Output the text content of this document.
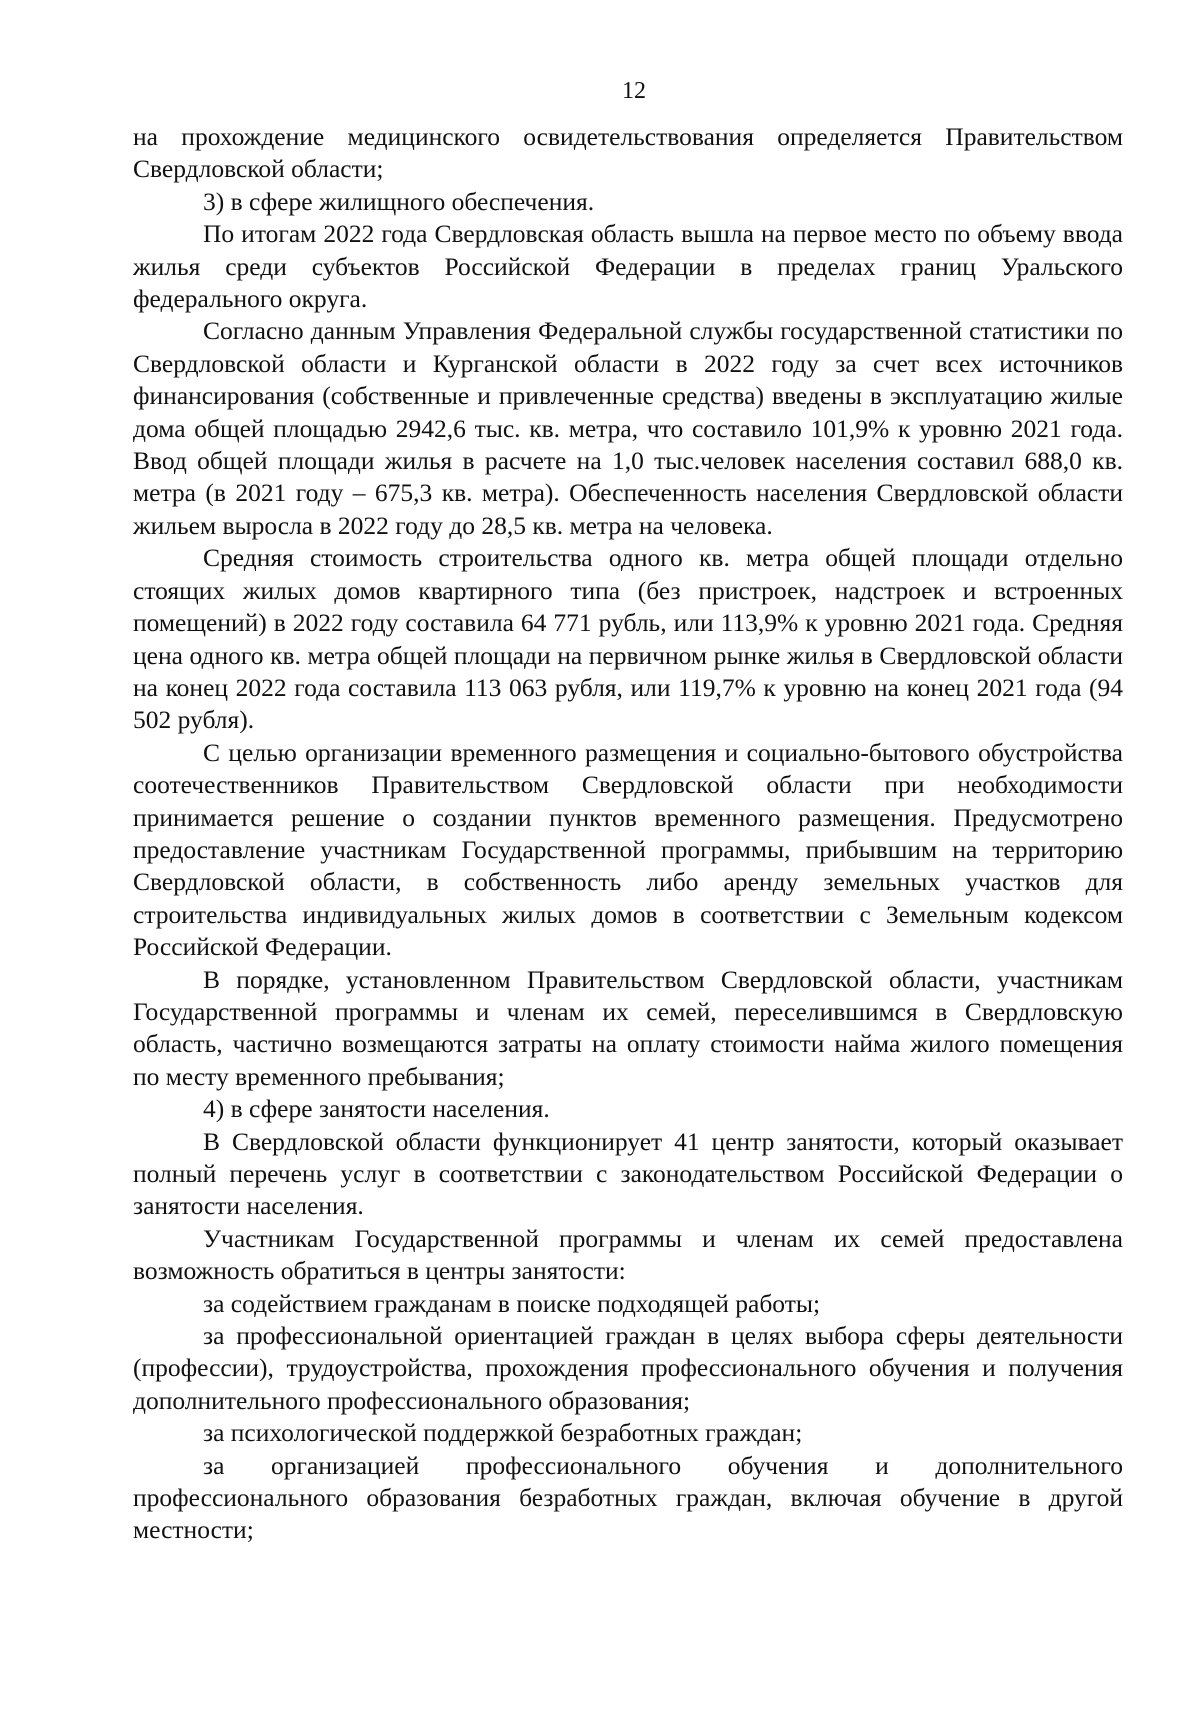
12

на прохождение медицинского освидетельствования определяется Правительством Свердловской области;

3) в сфере жилищного обеспечения.

По итогам 2022 года Свердловская область вышла на первое место по объему ввода жилья среди субъектов Российской Федерации в пределах границ Уральского федерального округа.

Согласно данным Управления Федеральной службы государственной статистики по Свердловской области и Курганской области в 2022 году за счет всех источников финансирования (собственные и привлеченные средства) введены в эксплуатацию жилые дома общей площадью 2942,6 тыс. кв. метра, что составило 101,9% к уровню 2021 года. Ввод общей площади жилья в расчете на 1,0 тыс.человек населения составил 688,0 кв. метра (в 2021 году – 675,3 кв. метра). Обеспеченность населения Свердловской области жильем выросла в 2022 году до 28,5 кв. метра на человека.

Средняя стоимость строительства одного кв. метра общей площади отдельно стоящих жилых домов квартирного типа (без пристроек, надстроек и встроенных помещений) в 2022 году составила 64 771 рубль, или 113,9% к уровню 2021 года. Средняя цена одного кв. метра общей площади на первичном рынке жилья в Свердловской области на конец 2022 года составила 113 063 рубля, или 119,7% к уровню на конец 2021 года (94 502 рубля).

С целью организации временного размещения и социально-бытового обустройства соотечественников Правительством Свердловской области при необходимости принимается решение о создании пунктов временного размещения. Предусмотрено предоставление участникам Государственной программы, прибывшим на территорию Свердловской области, в собственность либо аренду земельных участков для строительства индивидуальных жилых домов в соответствии с Земельным кодексом Российской Федерации.

В порядке, установленном Правительством Свердловской области, участникам Государственной программы и членам их семей, переселившимся в Свердловскую область, частично возмещаются затраты на оплату стоимости найма жилого помещения по месту временного пребывания;

4) в сфере занятости населения.

В Свердловской области функционирует 41 центр занятости, который оказывает полный перечень услуг в соответствии с законодательством Российской Федерации о занятости населения.

Участникам Государственной программы и членам их семей предоставлена возможность обратиться в центры занятости:

за содействием гражданам в поиске подходящей работы;

за профессиональной ориентацией граждан в целях выбора сферы деятельности (профессии), трудоустройства, прохождения профессионального обучения и получения дополнительного профессионального образования;

за психологической поддержкой безработных граждан;

за организацией профессионального обучения и дополнительного профессионального образования безработных граждан, включая обучение в другой местности;
